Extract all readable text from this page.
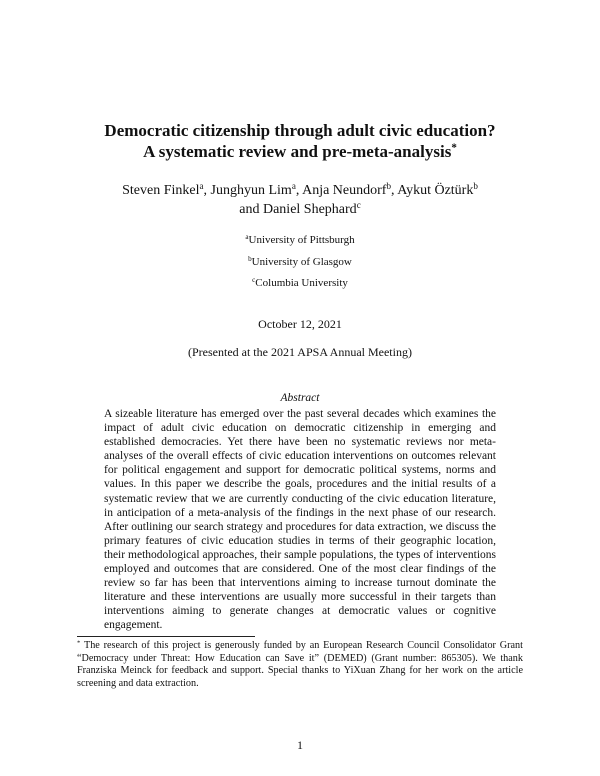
Democratic citizenship through adult civic education?
A systematic review and pre-meta-analysis*
Steven Finkel$^a$, Junghyun Lim$^a$, Anja Neundorf$^b$, Aykut Öztürk$^b$
and Daniel Shephard$^c$
$^a$University of Pittsburgh
$^b$University of Glasgow
$^c$Columbia University
October 12, 2021
(Presented at the 2021 APSA Annual Meeting)
Abstract
A sizeable literature has emerged over the past several decades which examines the impact of adult civic education on democratic citizenship in emerging and established democracies. Yet there have been no systematic reviews nor meta-analyses of the overall effects of civic education interventions on outcomes relevant for political engagement and support for democratic political systems, norms and values. In this paper we describe the goals, procedures and the initial results of a systematic review that we are currently conducting of the civic education literature, in anticipation of a meta-analysis of the findings in the next phase of our research. After outlining our search strategy and procedures for data extraction, we discuss the primary features of civic education studies in terms of their geographic location, their methodological approaches, their sample populations, the types of interventions employed and outcomes that are considered. One of the most clear findings of the review so far has been that interventions aiming to increase turnout dominate the literature and these interventions are usually more successful in their targets than interventions aiming to generate changes at democratic values or cognitive engagement.
* The research of this project is generously funded by an European Research Council Consolidator Grant “Democracy under Threat: How Education can Save it” (DEMED) (Grant number: 865305). We thank Franziska Meinck for feedback and support. Special thanks to YiXuan Zhang for her work on the article screening and data extraction.
1
